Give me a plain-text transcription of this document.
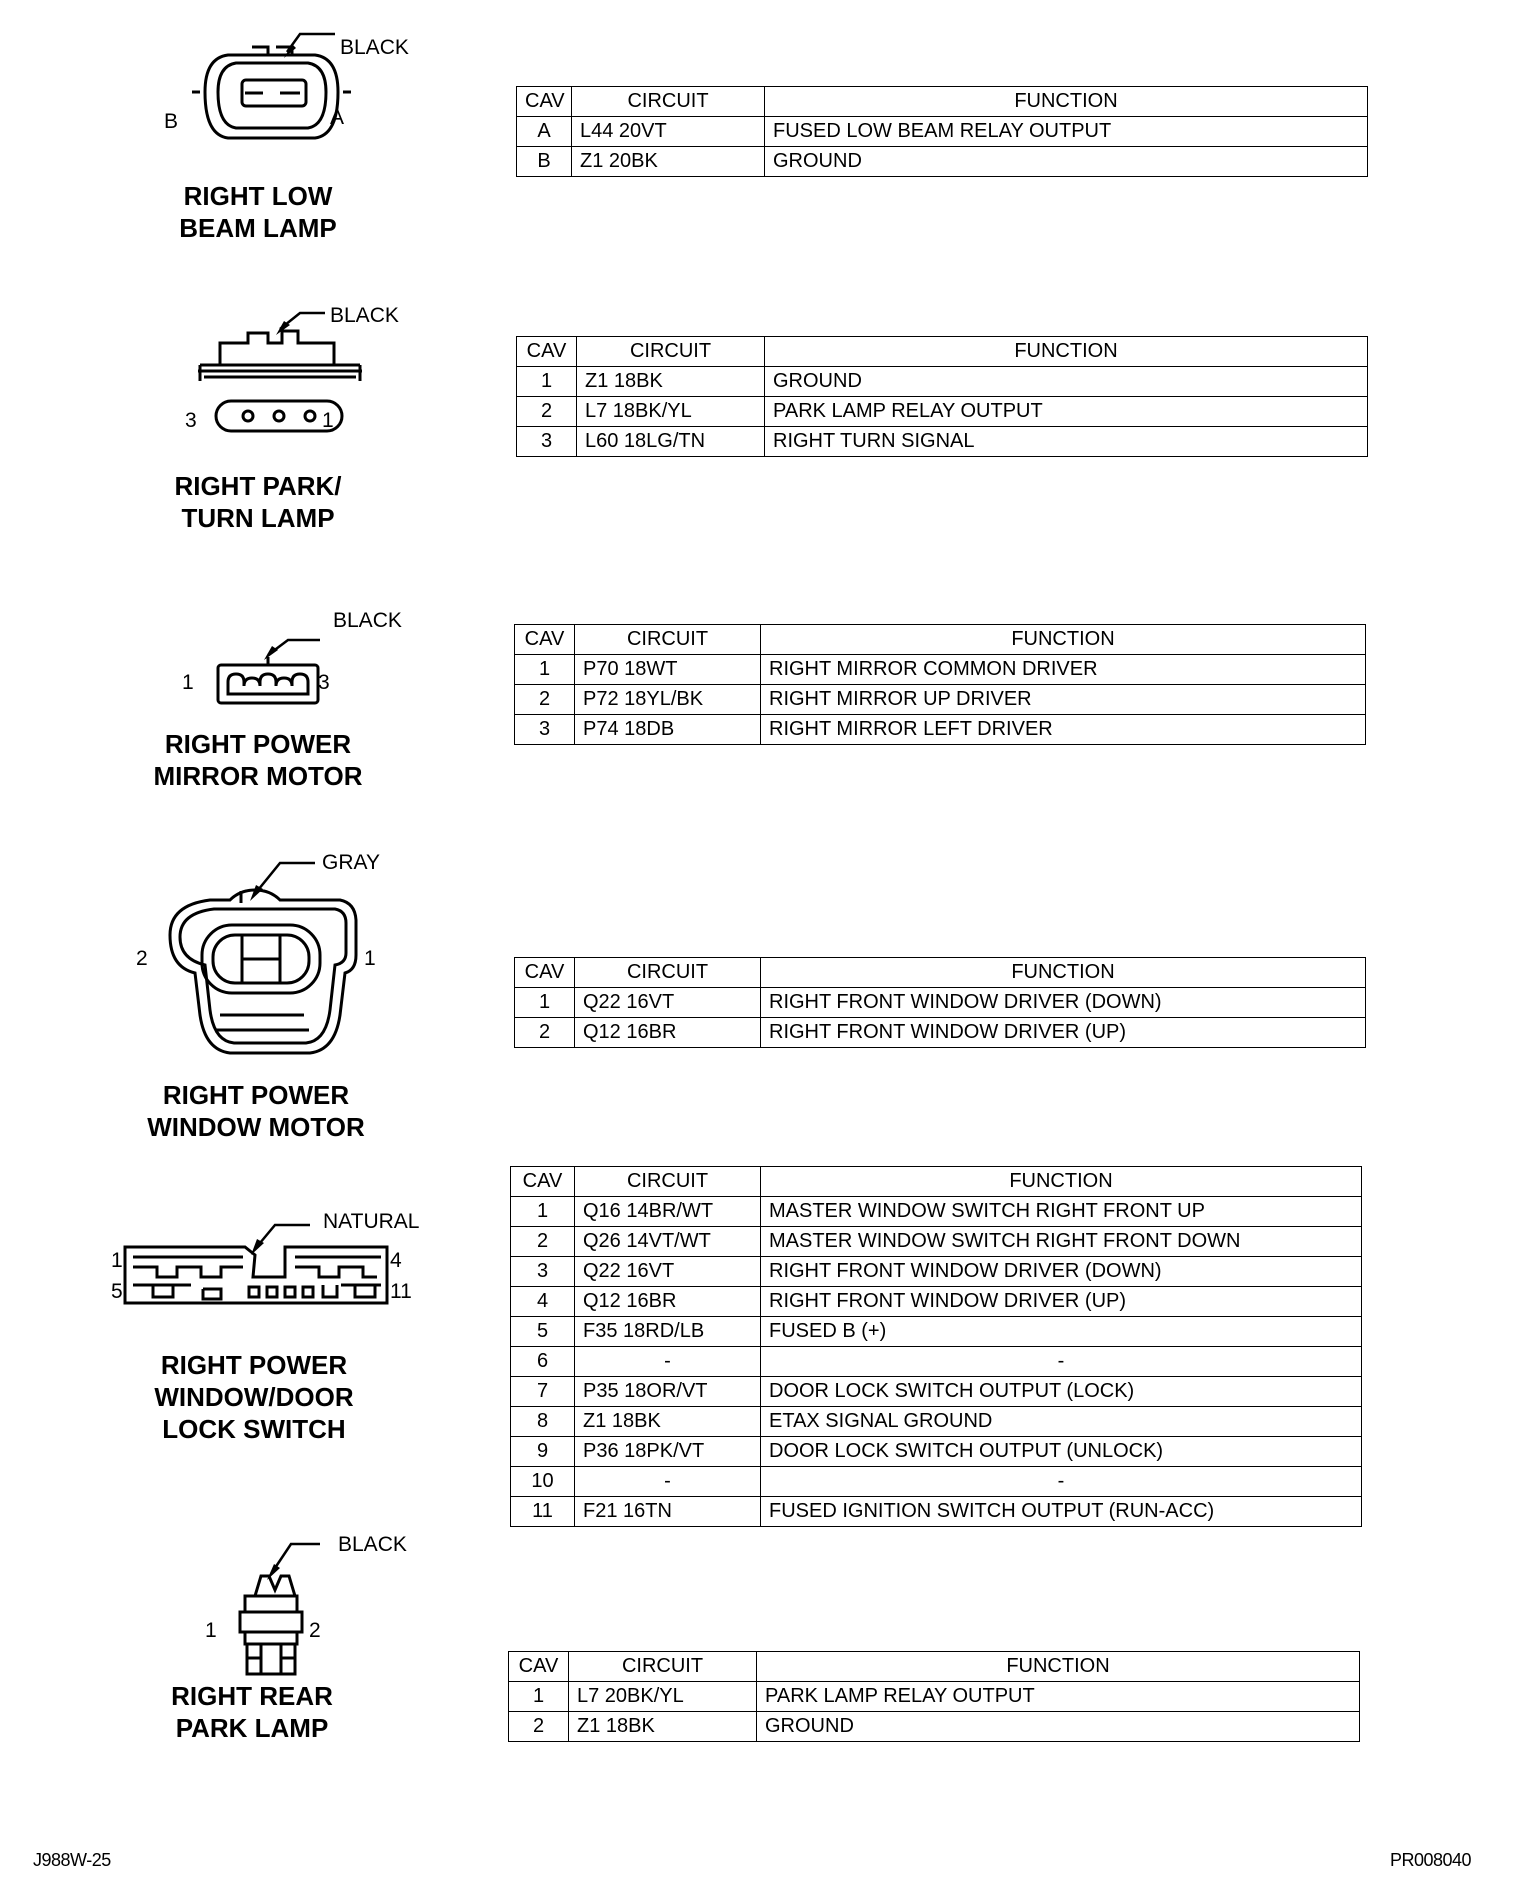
BLACK
B	A
RIGHT LOW
BEAM LAMP
CAV	CIRCUIT	FUNCTION
A	L44 20VT	FUSED LOW BEAM RELAY OUTPUT
B	Z1 20BK	GROUND
BLACK
3	1
RIGHT PARK/
TURN LAMP
CAV	CIRCUIT	FUNCTION
1	Z1 18BK	GROUND
2	L7 18BK/YL	PARK LAMP RELAY OUTPUT
3	L60 18LG/TN	RIGHT TURN SIGNAL
BLACK
1	3
RIGHT POWER
MIRROR MOTOR
CAV	CIRCUIT	FUNCTION
1	P70 18WT	RIGHT MIRROR COMMON DRIVER
2	P72 18YL/BK	RIGHT MIRROR UP DRIVER
3	P74 18DB	RIGHT MIRROR LEFT DRIVER
GRAY
2	1
RIGHT POWER
WINDOW MOTOR
CAV	CIRCUIT	FUNCTION
1	Q22 16VT	RIGHT FRONT WINDOW DRIVER (DOWN)
2	Q12 16BR	RIGHT FRONT WINDOW DRIVER (UP)
NATURAL
1
5
4
11
RIGHT POWER
WINDOW/DOOR
LOCK SWITCH
CAV	CIRCUIT	FUNCTION
1	Q16 14BR/WT	MASTER WINDOW SWITCH RIGHT FRONT UP
2	Q26 14VT/WT	MASTER WINDOW SWITCH RIGHT FRONT DOWN
3	Q22 16VT	RIGHT FRONT WINDOW DRIVER (DOWN)
4	Q12 16BR	RIGHT FRONT WINDOW DRIVER (UP)
5	F35 18RD/LB	FUSED B (+)
6	-	-
7	P35 18OR/VT	DOOR LOCK SWITCH OUTPUT (LOCK)
8	Z1 18BK	ETAX SIGNAL GROUND
9	P36 18PK/VT	DOOR LOCK SWITCH OUTPUT (UNLOCK)
10	-	-
11	F21 16TN	FUSED IGNITION SWITCH OUTPUT (RUN-ACC)
BLACK
1	2
RIGHT REAR
PARK LAMP
CAV	CIRCUIT	FUNCTION
1	L7 20BK/YL	PARK LAMP RELAY OUTPUT
2	Z1 18BK	GROUND
J988W-25	PR008040
